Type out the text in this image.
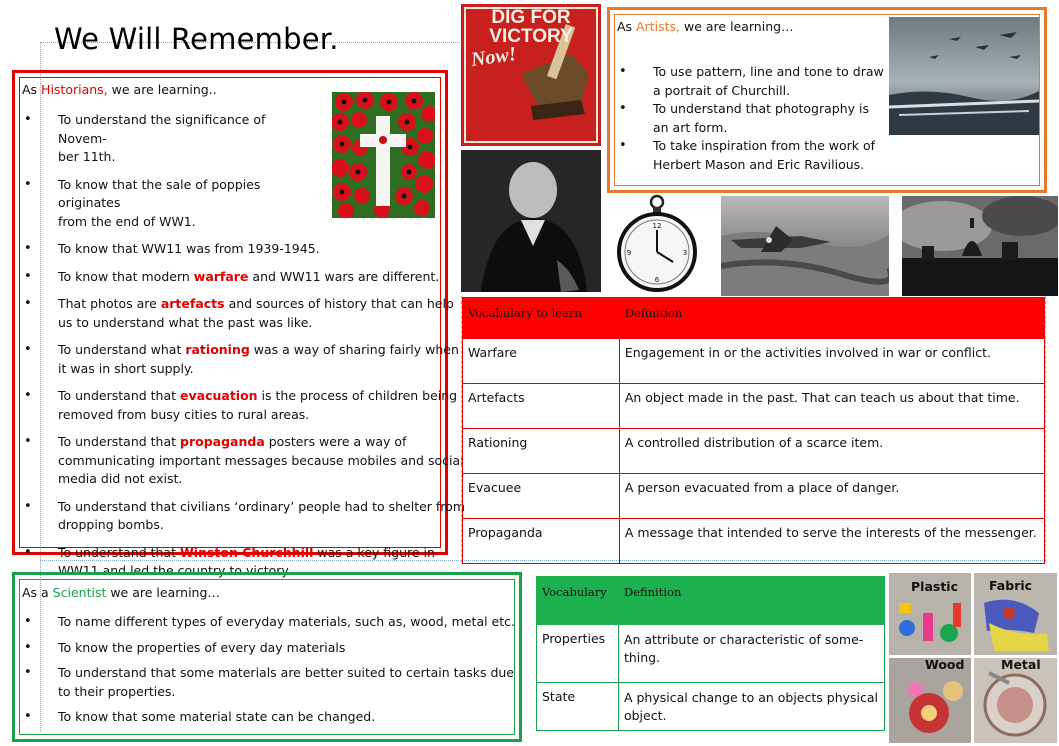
We Will Remember.
As Historians, we are learning..
• To understand the significance of Novem-
ber 11th.
• To know that the sale of poppies originates
from the end of WW1.
• To know that WW11 was from 1939-1945.
• To know that modern warfare and WW11 wars are different.
• That photos are artefacts and sources of history that can help us to understand what the past was like.
• To understand what rationing was a way of sharing fairly when it was in short supply.
• To understand that evacuation is the process of children being removed from busy cities to rural areas.
• To understand that propaganda posters were a way of communicating important messages because mobiles and social media did not exist.
• To understand that civilians ‘ordinary’ people had to shelter from dropping bombs.
• To understand that Winston Churchhill was a key figure in WW11 and led the country to victory.
DIG FOR
VICTORY
Now!
As Artists, we are learning…
• To use pattern, line and tone to draw a portrait of Churchill.
• To understand that photography is an art form.
• To take inspiration from the work of Herbert Mason and Eric Ravilious.
12
3
6
9
Vocabulary to learn	Definition
Warfare	Engagement in or the activities involved in war or conflict.
Artefacts	An object made in the past. That can teach us about that time.
Rationing	A controlled distribution of a scarce item.
Evacuee	A person evacuated from a place of danger.
Propaganda	A message that intended to serve the interests of the messenger.
As a Scientist we are learning…
• To name different types of everyday materials, such as, wood, metal etc.
• To know the properties of every day materials
• To understand that some materials are better suited to certain tasks due to their properties.
• To know that some material state can be changed.
Vocabulary	Definition
Properties	An attribute or characteristic of some-
thing.
State	A physical change to an objects physical object.
Plastic Fabric
Wood	Metal
